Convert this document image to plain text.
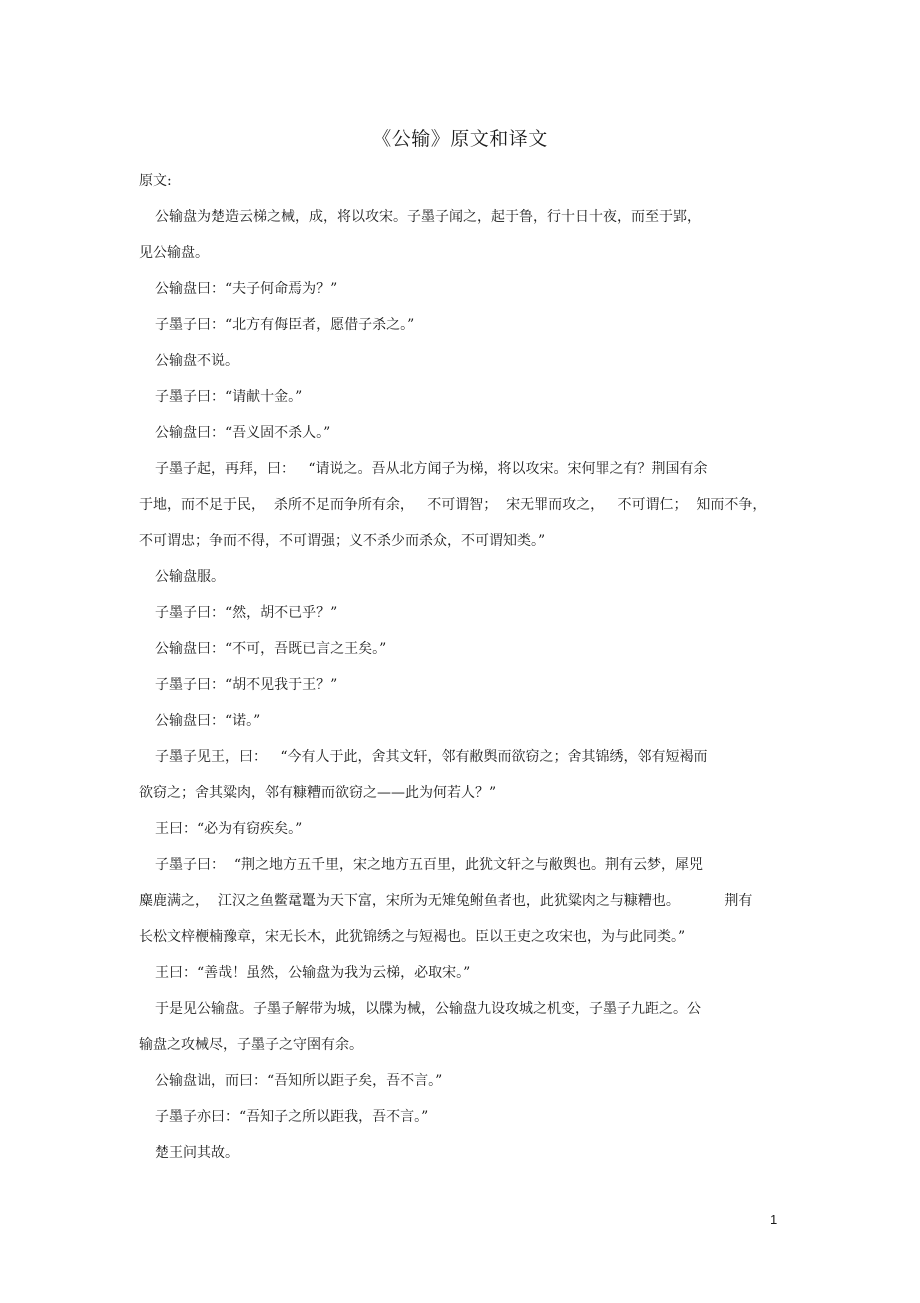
《公输》原文和译文
原文:
公输盘为楚造云梯之械，成，将以攻宋。子墨子闻之，起于鲁，行十日十夜，而至于郢，
见公输盘。
公输盘曰：“夫子何命焉为？”
子墨子曰：“北方有侮臣者，愿借子杀之。”
公输盘不说。
子墨子曰：“请献十金。”
公输盘曰：“吾义固不杀人。”
子墨子起，再拜，曰：   “请说之。吾从北方闻子为梯，将以攻宋。宋何罪之有？荆国有余
于地，而不足于民，  杀所不足而争所有余，   不可谓智；  宋无罪而攻之，   不可谓仁；  知而不争，
不可谓忠；争而不得，不可谓强；义不杀少而杀众，不可谓知类。”
公输盘服。
子墨子曰：“然，胡不已乎？”
公输盘曰：“不可，吾既已言之王矣。”
子墨子曰：“胡不见我于王？”
公输盘曰：“诺。”
子墨子见王，曰：   “今有人于此，舍其文轩，邻有敝舆而欲窃之；舍其锦绣，邻有短褐而
欲窃之；舍其粱肉，邻有糠糟而欲窃之——此为何若人？”
王曰：“必为有窃疾矣。”
子墨子曰：  “荆之地方五千里，宋之地方五百里，此犹文轩之与敝舆也。荆有云梦，犀兕
麋鹿满之，  江汉之鱼鳖鼋鼍为天下富，宋所为无雉兔鲋鱼者也，此犹粱肉之与糠糟也。          荆有
长松文梓楩楠豫章，宋无长木，此犹锦绣之与短褐也。臣以王吏之攻宋也，为与此同类。”
王曰：“善哉！虽然，公输盘为我为云梯，必取宋。”
于是见公输盘。子墨子解带为城，以牒为械，公输盘九设攻城之机变，子墨子九距之。公
输盘之攻械尽，子墨子之守圉有余。
公输盘诎，而曰：“吾知所以距子矣，吾不言。”
子墨子亦曰：“吾知子之所以距我，吾不言。”
楚王问其故。
1
